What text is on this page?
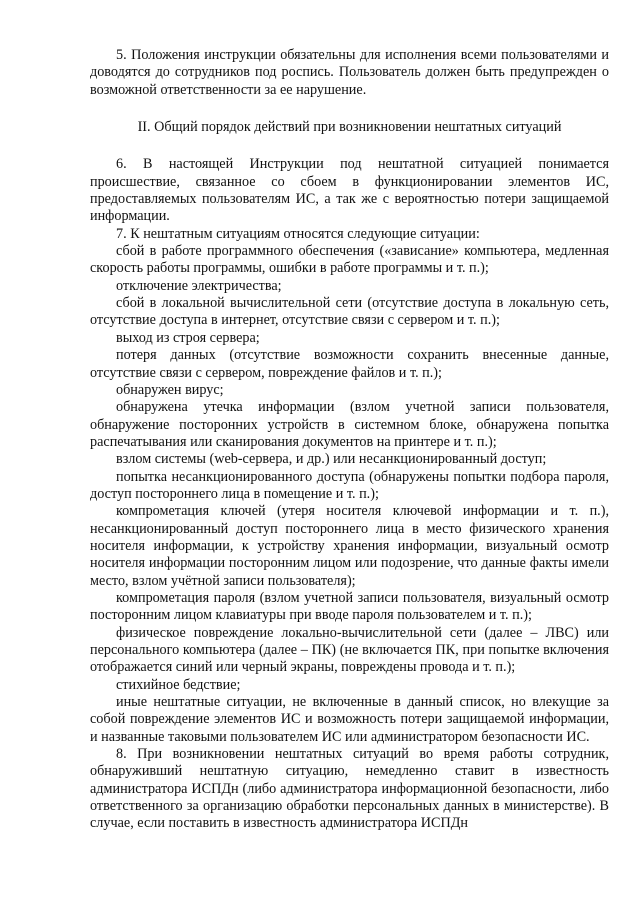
5. Положения инструкции обязательны для исполнения всеми пользователями и доводятся до сотрудников под роспись. Пользователь должен быть предупрежден о возможной ответственности за ее нарушение.

II. Общий порядок действий при возникновении нештатных ситуаций

6. В настоящей Инструкции под нештатной ситуацией понимается происшествие, связанное со сбоем в функционировании элементов ИС, предоставляемых пользователям ИС, а так же с вероятностью потери защищаемой информации.

7. К нештатным ситуациям относятся следующие ситуации:

сбой в работе программного обеспечения («зависание» компьютера, медленная скорость работы программы, ошибки в работе программы и т. п.);

отключение электричества;

сбой в локальной вычислительной сети (отсутствие доступа в локальную сеть, отсутствие доступа в интернет, отсутствие связи с сервером и т. п.);

выход из строя сервера;

потеря данных (отсутствие возможности сохранить внесенные данные, отсутствие связи с сервером, повреждение файлов и т. п.);

обнаружен вирус;

обнаружена утечка информации (взлом учетной записи пользователя, обнаружение посторонних устройств в системном блоке, обнаружена попытка распечатывания или сканирования документов на принтере и т. п.);

взлом системы (web-сервера, и др.) или несанкционированный доступ;

попытка несанкционированного доступа (обнаружены попытки подбора пароля, доступ постороннего лица в помещение и т. п.);

компрометация ключей (утеря носителя ключевой информации и т. п.), несанкционированный доступ постороннего лица в место физического хранения носителя информации, к устройству хранения информации, визуальный осмотр носителя информации посторонним лицом или подозрение, что данные факты имели место, взлом учётной записи пользователя);

компрометация пароля (взлом учетной записи пользователя, визуальный осмотр посторонним лицом клавиатуры при вводе пароля пользователем и т. п.);

физическое повреждение локально-вычислительной сети (далее – ЛВС) или персонального компьютера (далее – ПК) (не включается ПК, при попытке включения отображается синий или черный экраны, повреждены провода и т. п.);

стихийное бедствие;

иные нештатные ситуации, не включенные в данный список, но влекущие за собой повреждение элементов ИС и возможность потери защищаемой информации, и названные таковыми пользователем ИС или администратором безопасности ИС.

8. При возникновении нештатных ситуаций во время работы сотрудник, обнаруживший нештатную ситуацию, немедленно ставит в известность администратора ИСПДн (либо администратора информационной безопасности, либо ответственного за организацию обработки персональных данных в министерстве). В случае, если поставить в известность администратора ИСПДн
